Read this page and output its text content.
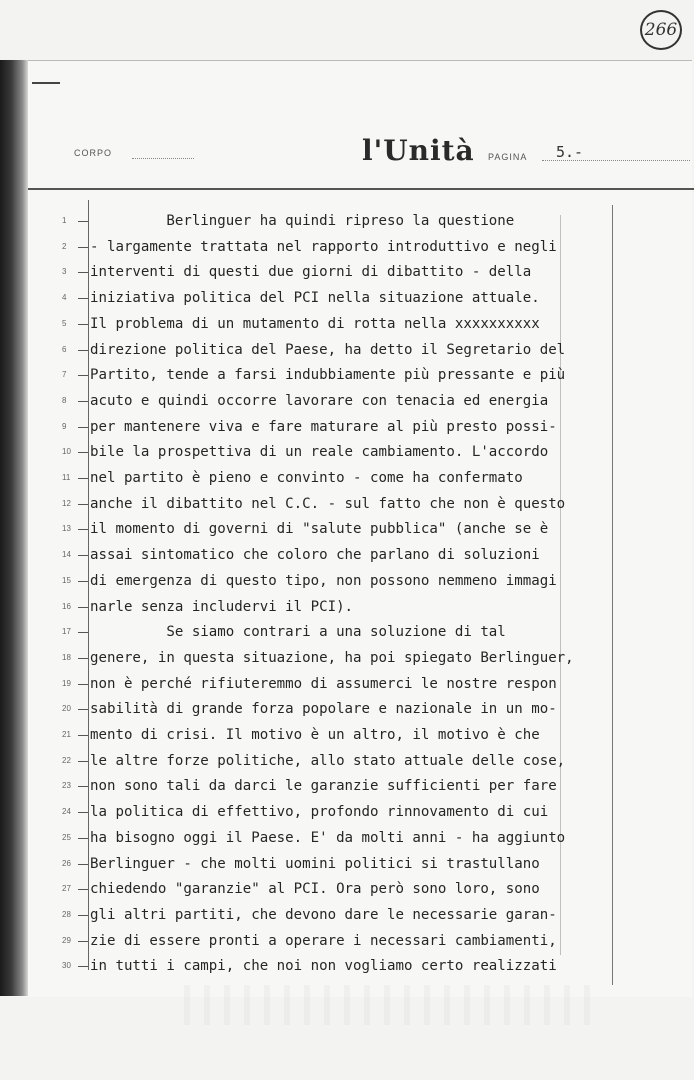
266
CORPO	l'Unità PAGINA 5.-
1 Berlinguer ha quindi ripreso la questione
2 - largamente trattata nel rapporto introduttivo e negli
3 interventi di questi due giorni di dibattito - della
4 iniziativa politica del PCI nella situazione attuale.
5 Il problema di un mutamento di rotta nella xxxxxxxxxx
6 direzione politica del Paese, ha detto il Segretario del
7 Partito, tende a farsi indubbiamente più pressante e più
8 acuto e quindi occorre lavorare con tenacia ed energia
9 per mantenere viva e fare maturare al più presto possi-
10 bile la prospettiva di un reale cambiamento. L'accordo
11 nel partito è pieno e convinto - come ha confermato
12 anche il dibattito nel C.C. - sul fatto che non è questo
13 il momento di governi di "salute pubblica" (anche se è
14 assai sintomatico che coloro che parlano di soluzioni
15 di emergenza di questo tipo, non possono nemmeno immagi
16 narle senza includervi il PCI).
17 Se siamo contrari a una soluzione di tal
18 genere, in questa situazione, ha poi spiegato Berlinguer,
19 non è perché rifiuteremmo di assumerci le nostre respon
20 sabilità di grande forza popolare e nazionale in un mo-
21 mento di crisi. Il motivo è un altro, il motivo è che
22 le altre forze politiche, allo stato attuale delle cose,
23 non sono tali da darci le garanzie sufficienti per fare
24 la politica di effettivo, profondo rinnovamento di cui
25 ha bisogno oggi il Paese. E' da molti anni - ha aggiunto
26 Berlinguer - che molti uomini politici si trastullano
27 chiedendo "garanzie" al PCI. Ora però sono loro, sono
28 gli altri partiti, che devono dare le necessarie garan-
29 zie di essere pronti a operare i necessari cambiamenti,
30 in tutti i campi, che noi non vogliamo certo realizzati
